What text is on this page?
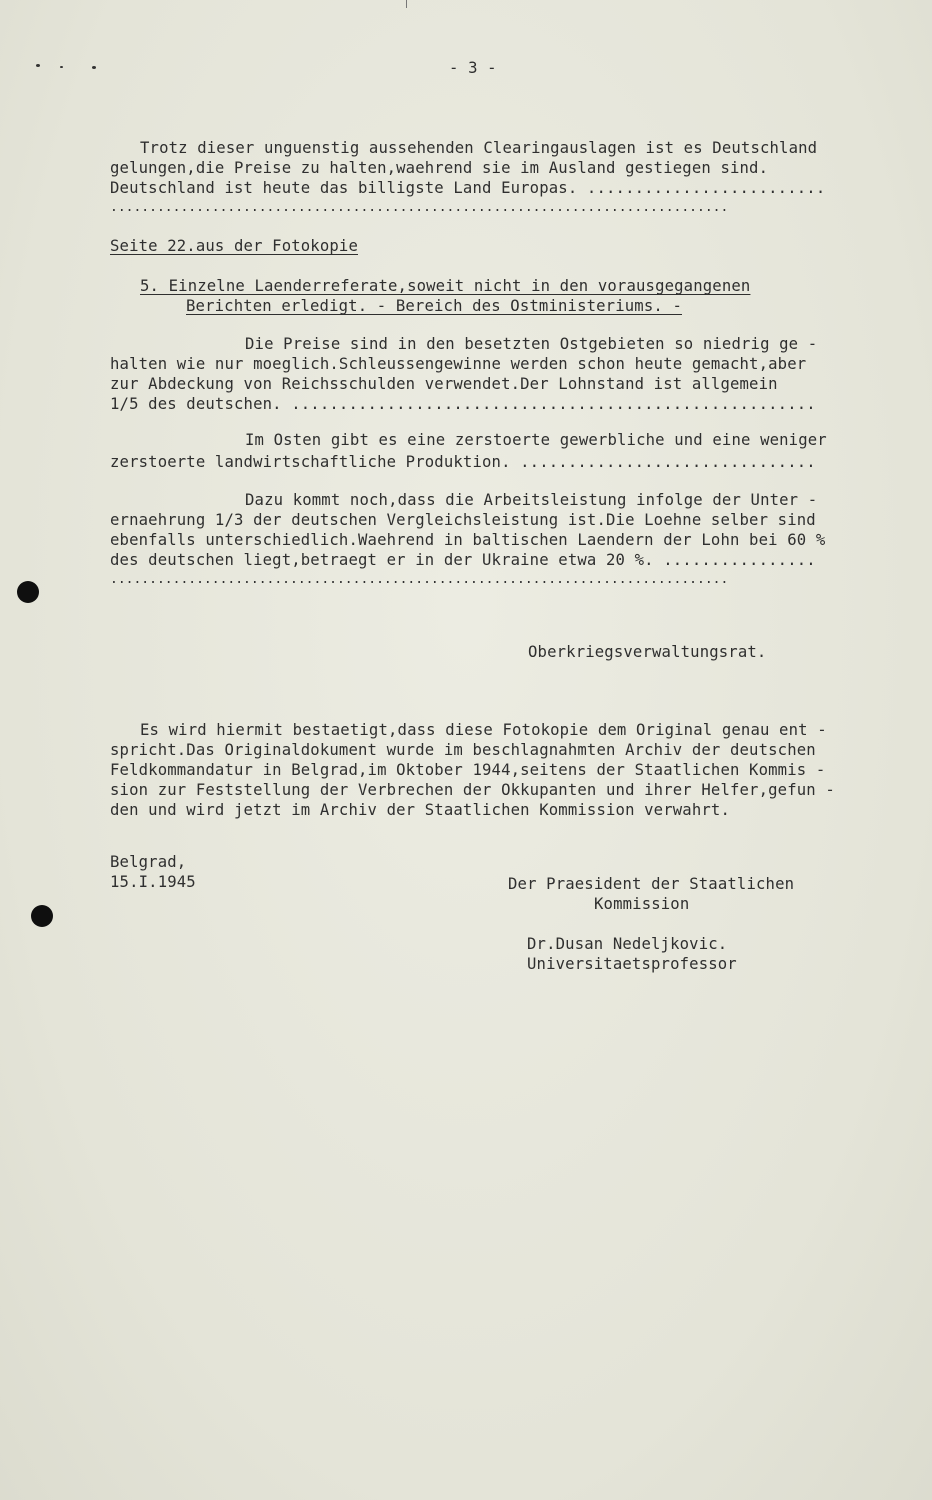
- 3 -
Trotz dieser unguenstig aussehenden Clearingauslagen ist es Deutschland
gelungen,die Preise zu halten,waehrend sie im Ausland gestiegen sind.
Deutschland ist heute das billigste Land Europas. .........................
...............................................................................
Seite 22.aus der Fotokopie
5. Einzelne Laenderreferate,soweit nicht in den vorausgegangenen
Berichten erledigt. - Bereich des Ostministeriums. -
Die Preise sind in den besetzten Ostgebieten so niedrig ge -
halten wie nur moeglich.Schleussengewinne werden schon heute gemacht,aber
zur Abdeckung von Reichsschulden verwendet.Der Lohnstand ist allgemein
1/5 des deutschen. .......................................................
Im Osten gibt es eine zerstoerte gewerbliche und eine weniger
zerstoerte landwirtschaftliche Produktion. ...............................
Dazu kommt noch,dass die Arbeitsleistung infolge der Unter -
ernaehrung 1/3 der deutschen Vergleichsleistung ist.Die Loehne selber sind
ebenfalls unterschiedlich.Waehrend in baltischen Laendern der Lohn bei 60 %
des deutschen liegt,betraegt er in der Ukraine etwa 20 %. ................
...............................................................................
Oberkriegsverwaltungsrat.
Es wird hiermit bestaetigt,dass diese Fotokopie dem Original genau ent -
spricht.Das Originaldokument wurde im beschlagnahmten Archiv der deutschen
Feldkommandatur in Belgrad,im Oktober 1944,seitens der Staatlichen Kommis -
sion zur Feststellung der Verbrechen der Okkupanten und ihrer Helfer,gefun -
den und wird jetzt im Archiv der Staatlichen Kommission verwahrt.
Belgrad,
15.I.1945	Der Praesident der Staatlichen
Kommission
Dr.Dusan Nedeljkovic.
Universitaetsprofessor
